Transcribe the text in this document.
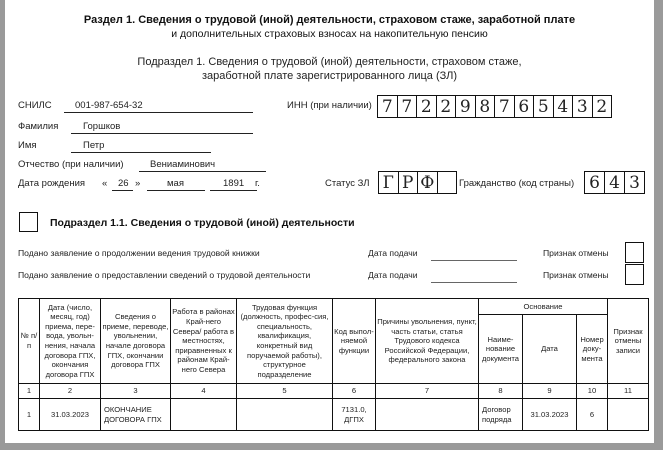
Раздел 1. Сведения о трудовой (иной) деятельности, страховом стаже, заработной плате
и дополнительных страховых взносах на накопительную пенсию
Подраздел 1. Сведения о трудовой (иной) деятельности, страховом стаже,
заработной плате зарегистрированного лица (ЗЛ)
СНИЛС 001-987-654-32	ИНН (при наличии) 7 7 2 2 9 8 7 6 5 4 3 2
Фамилия	Горшков
Имя	Петр
Отчество (при наличии)	Вениаминович
Дата рождения « 26 »	мая	1891 г.	Статус ЗЛ Г Р Ф	Гражданство (код страны) 6 4 3
Подраздел 1.1. Сведения о трудовой (иной) деятельности
Подано заявление о продолжении ведения трудовой книжки	Дата подачи	Признак отмены
Подано заявление о предоставлении сведений о трудовой деятельности	Дата подачи	Признак отмены
№ п/п	Дата (число, месяц, год) приема, пере-вода, увольн-нения, начала договора ГПХ, окончания договора ГПХ	Сведения о приеме, переводе, увольнении, начале договора ГПХ, окончании договора ГПХ	Работа в районах Край-него Севера/ работа в местностях, приравненных к районам Край-него Севера	Трудовая функция (должность, профес-сия, специальность, квалификация, конкретный вид поручаемой работы), структурное подразделение	Код выпол-няемой функции	Причины увольнения, пункт, часть статьи, статья Трудового кодекса Российской Федерации, федерального закона	Основание			Признак отмены записи
							Наиме-нование документа	Дата	Номер доку-мента	
1	2	3	4	5	6	7	8	9	10	11
1	31.03.2023	ОКОНЧАНИЕ ДОГОВОРА ГПХ			7131.0, ДГПХ		Договор подряда	31.03.2023	6	
